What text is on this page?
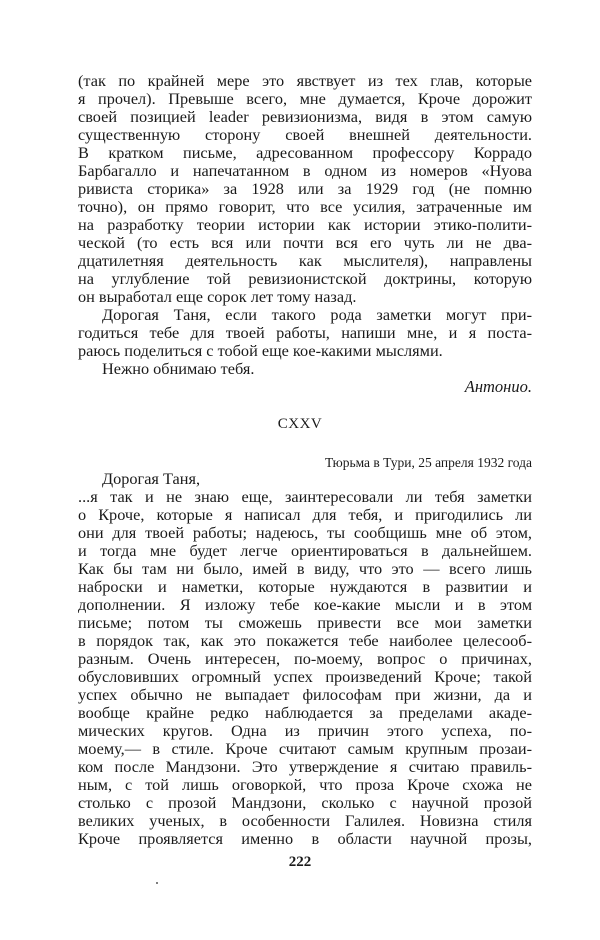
(так по крайней мере это явствует из тех глав, которые
я прочел). Превыше всего, мне думается, Кроче дорожит
своей позицией leader ревизионизма, видя в этом самую
существенную сторону своей внешней деятельности.
В кратком письме, адресованном профессору Коррадо
Барбагалло и напечатанном в одном из номеров «Нуова
ривиста сторика» за 1928 или за 1929 год (не помню
точно), он прямо говорит, что все усилия, затраченные им
на разработку теории истории как истории этико-полити-
ческой (то есть вся или почти вся его чуть ли не два-
дцатилетняя деятельность как мыслителя), направлены
на углубление той ревизионистской доктрины, которую
он выработал еще сорок лет тому назад.
Дорогая Таня, если такого рода заметки могут при-
годиться тебе для твоей работы, напиши мне, и я поста-
раюсь поделиться с тобой еще кое-какими мыслями.
Нежно обнимаю тебя.
Антонио.
CXXV
Тюрьма в Тури, 25 апреля 1932 года
Дорогая Таня,
...я так и не знаю еще, заинтересовали ли тебя заметки
о Кроче, которые я написал для тебя, и пригодились ли
они для твоей работы; надеюсь, ты сообщишь мне об этом,
и тогда мне будет легче ориентироваться в дальнейшем.
Как бы там ни было, имей в виду, что это — всего лишь
наброски и наметки, которые нуждаются в развитии и
дополнении. Я изложу тебе кое-какие мысли и в этом
письме; потом ты сможешь привести все мои заметки
в порядок так, как это покажется тебе наиболее целесооб-
разным. Очень интересен, по-моему, вопрос о причинах,
обусловивших огромный успех произведений Кроче; такой
успех обычно не выпадает философам при жизни, да и
вообще крайне редко наблюдается за пределами акаде-
мических кругов. Одна из причин этого успеха, по-
моему,— в стиле. Кроче считают самым крупным прозаи-
ком после Мандзони. Это утверждение я считаю правиль-
ным, с той лишь оговоркой, что проза Кроче схожа не
столько с прозой Мандзони, сколько с научной прозой
великих ученых, в особенности Галилея. Новизна стиля
Кроче проявляется именно в области научной прозы,
222
